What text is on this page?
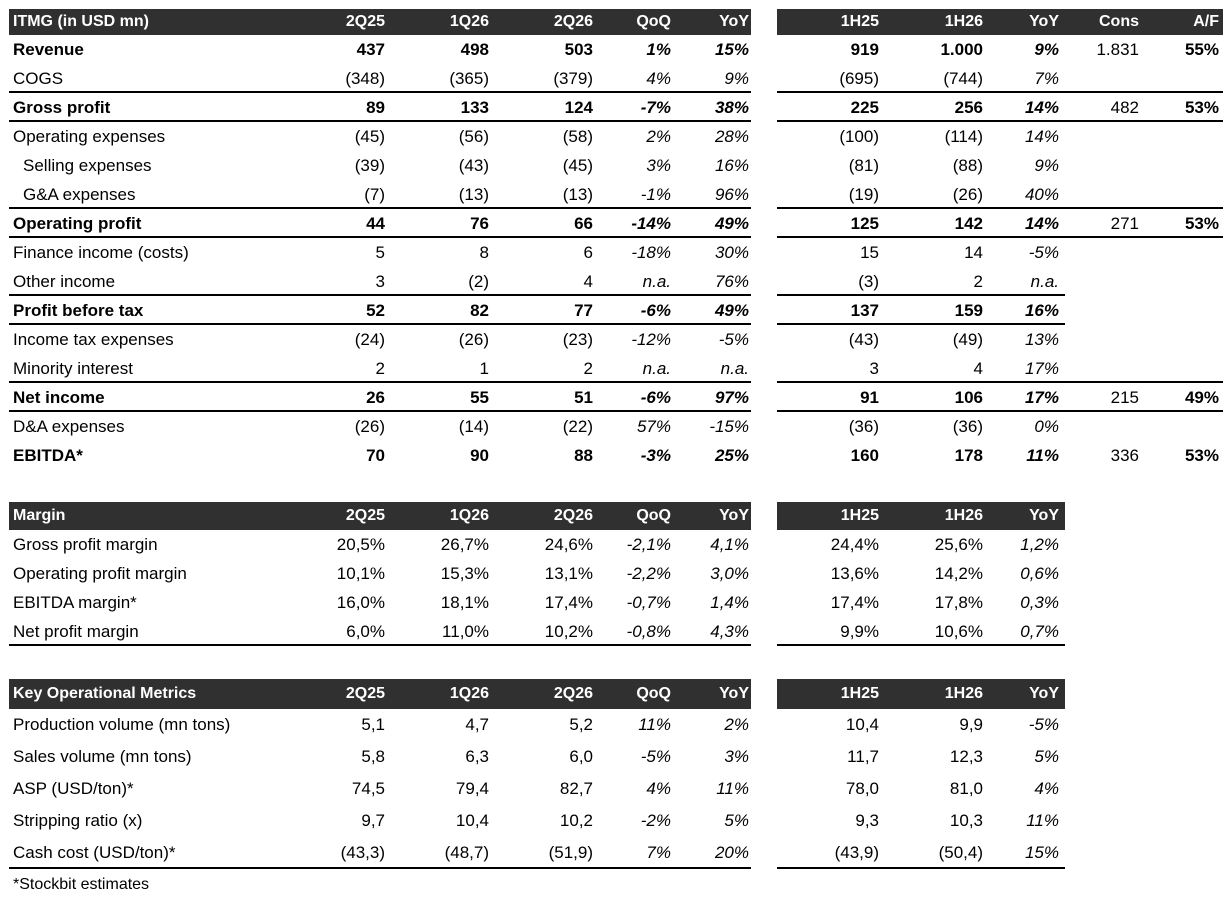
ITMG (in USD mn)	2Q25	1Q26	2Q26	QoQ	YoY	1H25	1H26	YoY	Cons	A/F
Revenue	437	498	503	1%	15%	919	1.000	9%	1.831	55%
COGS	(348)	(365)	(379)	4%	9%	(695)	(744)	7%
Gross profit	89	133	124	-7%	38%	225	256	14%	482	53%
Operating expenses	(45)	(56)	(58)	2%	28%	(100)	(114)	14%
Selling expenses	(39)	(43)	(45)	3%	16%	(81)	(88)	9%
G&A expenses	(7)	(13)	(13)	-1%	96%	(19)	(26)	40%
Operating profit	44	76	66	-14%	49%	125	142	14%	271	53%
Finance income (costs)	5	8	6	-18%	30%	15	14	-5%
Other income	3	(2)	4	n.a.	76%	(3)	2	n.a.
Profit before tax	52	82	77	-6%	49%	137	159	16%
Income tax expenses	(24)	(26)	(23)	-12%	-5%	(43)	(49)	13%
Minority interest	2	1	2	n.a.	n.a.	3	4	17%
Net income	26	55	51	-6%	97%	91	106	17%	215	49%
D&A expenses	(26)	(14)	(22)	57%	-15%	(36)	(36)	0%
EBITDA*	70	90	88	-3%	25%	160	178	11%	336	53%
Margin	2Q25	1Q26	2Q26	QoQ	YoY	1H25	1H26	YoY
Gross profit margin	20,5%	26,7%	24,6%	-2,1%	4,1%	24,4%	25,6%	1,2%
Operating profit margin	10,1%	15,3%	13,1%	-2,2%	3,0%	13,6%	14,2%	0,6%
EBITDA margin*	16,0%	18,1%	17,4%	-0,7%	1,4%	17,4%	17,8%	0,3%
Net profit margin	6,0%	11,0%	10,2%	-0,8%	4,3%	9,9%	10,6%	0,7%
Key Operational Metrics	2Q25	1Q26	2Q26	QoQ	YoY	1H25	1H26	YoY
Production volume (mn tons)	5,1	4,7	5,2	11%	2%	10,4	9,9	-5%
Sales volume (mn tons)	5,8	6,3	6,0	-5%	3%	11,7	12,3	5%
ASP (USD/ton)*	74,5	79,4	82,7	4%	11%	78,0	81,0	4%
Stripping ratio (x)	9,7	10,4	10,2	-2%	5%	9,3	10,3	11%
Cash cost (USD/ton)*	(43,3)	(48,7)	(51,9)	7%	20%	(43,9)	(50,4)	15%
*Stockbit estimates
